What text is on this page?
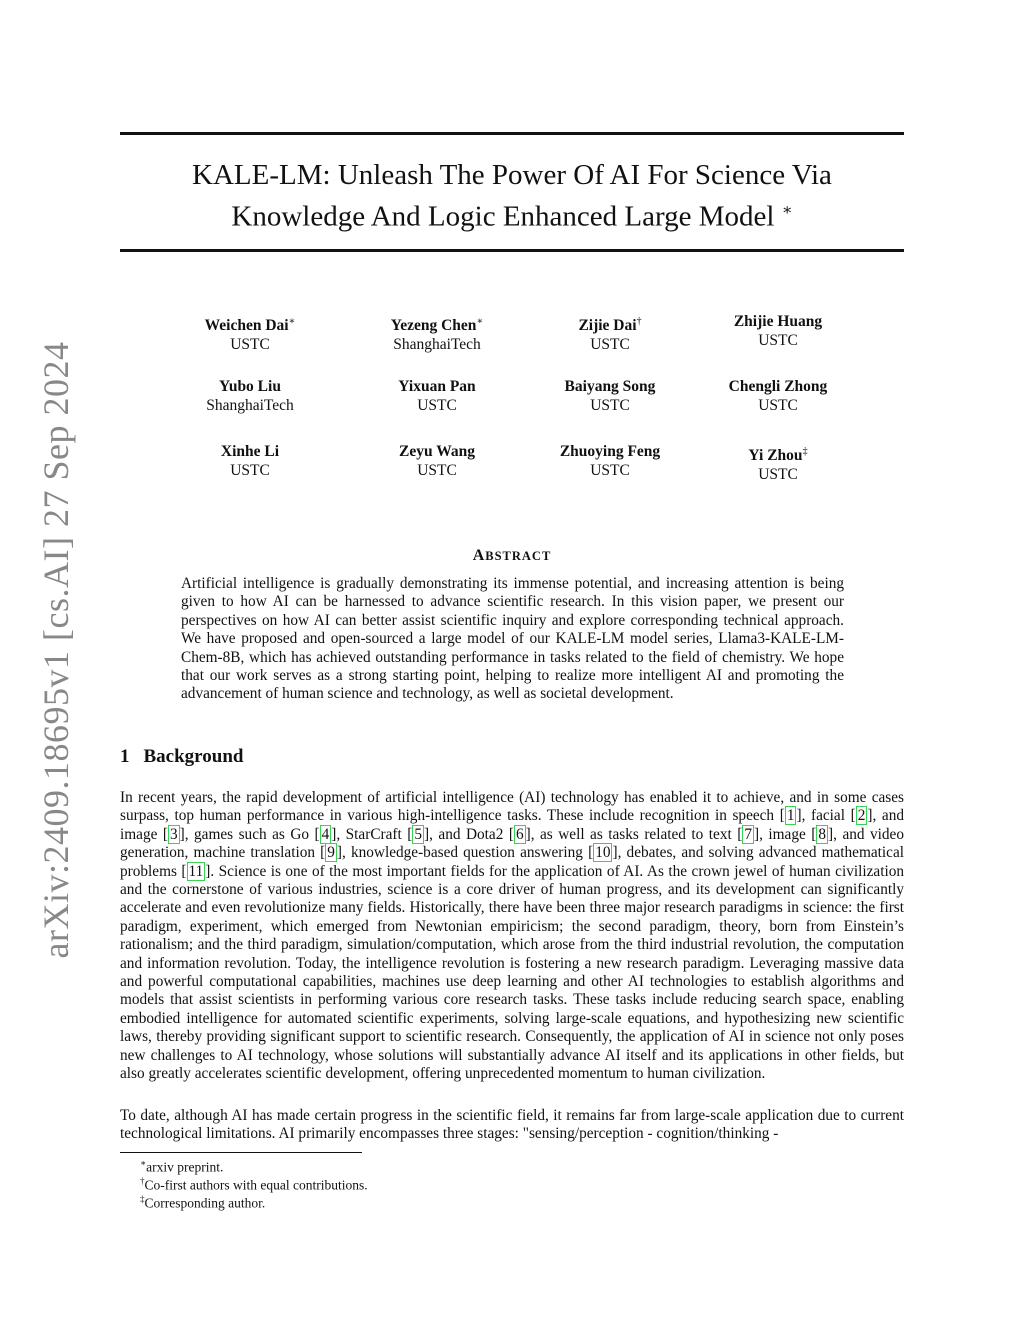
arXiv:2409.18695v1 [cs.AI] 27 Sep 2024
KALE-LM: Unleash The Power Of AI For Science Via
Knowledge And Logic Enhanced Large Model ∗
Weichen Dai∗
USTC
Yezeng Chen∗
ShanghaiTech
Zijie Dai†
USTC
Zhijie Huang
USTC
Yubo Liu
ShanghaiTech
Yixuan Pan
USTC
Baiyang Song
USTC
Chengli Zhong
USTC
Xinhe Li
USTC
Zeyu Wang
USTC
Zhuoying Feng
USTC
Yi Zhou‡
USTC
ABSTRACT
Artificial intelligence is gradually demonstrating its immense potential, and increasing attention is being given to how AI can be harnessed to advance scientific research. In this vision paper, we present our perspectives on how AI can better assist scientific inquiry and explore corresponding technical approach. We have proposed and open-sourced a large model of our KALE-LM model series, Llama3-KALE-LM-Chem-8B, which has achieved outstanding performance in tasks related to the field of chemistry. We hope that our work serves as a strong starting point, helping to realize more intelligent AI and promoting the advancement of human science and technology, as well as societal development.
1 Background
In recent years, the rapid development of artificial intelligence (AI) technology has enabled it to achieve, and in some cases surpass, top human performance in various high-intelligence tasks. These include recognition in speech [ 1 ], facial [ 2 ], and image [ 3 ], games such as Go [ 4 ], StarCraft [ 5 ], and Dota2 [ 6 ], as well as tasks related to text [ 7 ], image [ 8 ], and video generation, machine translation [ 9 ], knowledge-based question answering [ 10 ], debates, and solving advanced mathematical problems [ 11 ]. Science is one of the most important fields for the application of AI. As the crown jewel of human civilization and the cornerstone of various industries, science is a core driver of human progress, and its development can significantly accelerate and even revolutionize many fields. Historically, there have been three major research paradigms in science: the first paradigm, experiment, which emerged from Newtonian empiricism; the second paradigm, theory, born from Einstein’s rationalism; and the third paradigm, simulation/computation, which arose from the third industrial revolution, the computation and information revolution. Today, the intelligence revolution is fostering a new research paradigm. Leveraging massive data and powerful computational capabilities, machines use deep learning and other AI technologies to establish algorithms and models that assist scientists in performing various core research tasks. These tasks include reducing search space, enabling embodied intelligence for automated scientific experiments, solving large-scale equations, and hypothesizing new scientific laws, thereby providing significant support to scientific research. Consequently, the application of AI in science not only poses new challenges to AI technology, whose solutions will substantially advance AI itself and its applications in other fields, but also greatly accelerates scientific development, offering unprecedented momentum to human civilization.
To date, although AI has made certain progress in the scientific field, it remains far from large-scale application due to current technological limitations. AI primarily encompasses three stages: "sensing/perception - cognition/thinking -
∗arxiv preprint.
†Co-first authors with equal contributions.
‡Corresponding author.
